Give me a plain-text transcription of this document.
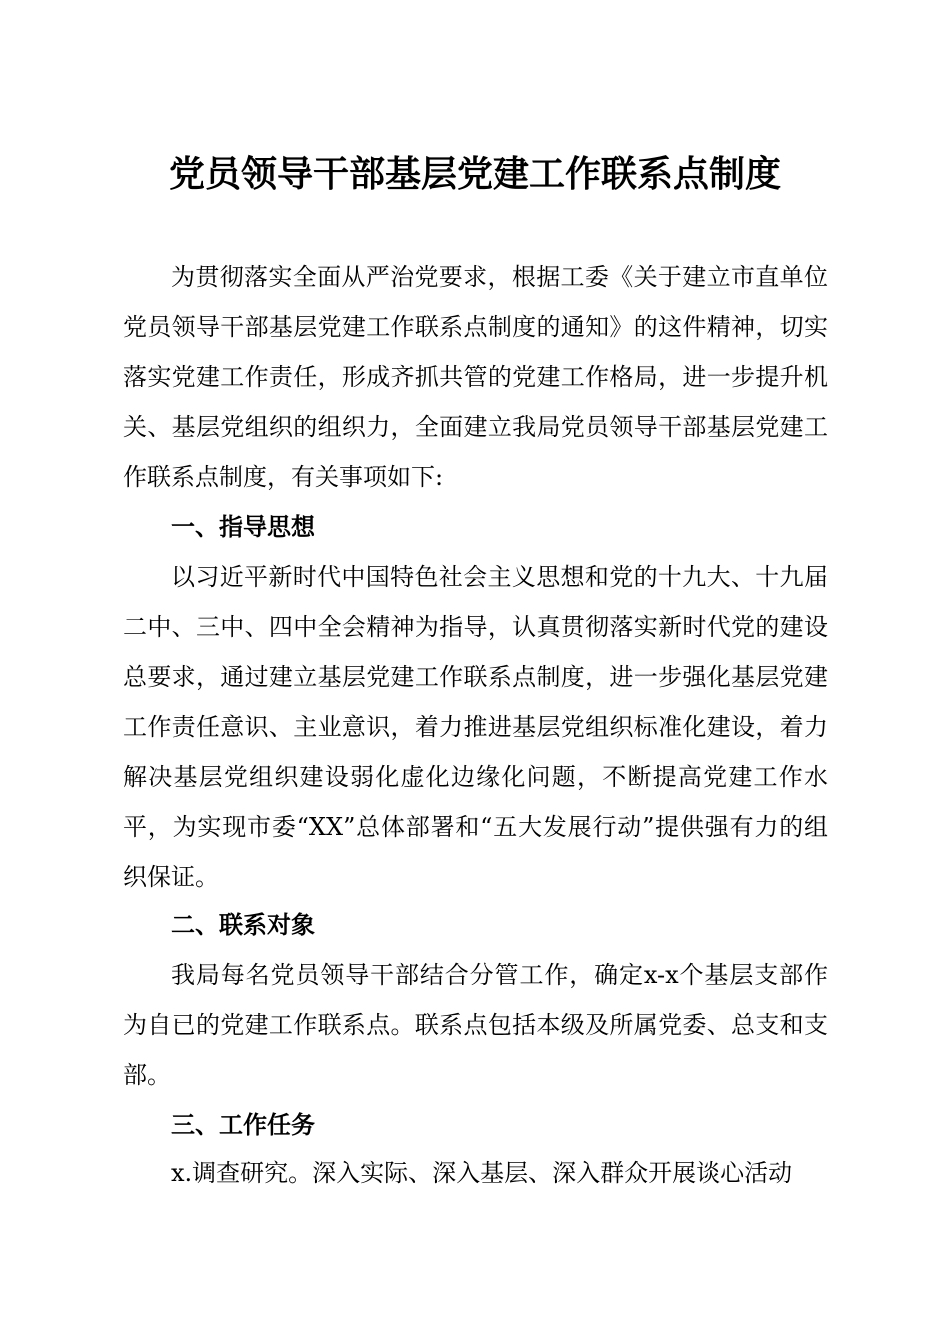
党员领导干部基层党建工作联系点制度

为贯彻落实全面从严治党要求，根据工委《关于建立市直单位党员领导干部基层党建工作联系点制度的通知》的这件精神，切实落实党建工作责任，形成齐抓共管的党建工作格局，进一步提升机关、基层党组织的组织力，全面建立我局党员领导干部基层党建工作联系点制度，有关事项如下:

一、指导思想

以习近平新时代中国特色社会主义思想和党的十九大、十九届二中、三中、四中全会精神为指导，认真贯彻落实新时代党的建设总要求，通过建立基层党建工作联系点制度，进一步强化基层党建工作责任意识、主业意识，着力推进基层党组织标准化建设，着力解决基层党组织建设弱化虚化边缘化问题，不断提高党建工作水平，为实现市委“XX”总体部署和“五大发展行动”提供强有力的组织保证。

二、联系对象

我局每名党员领导干部结合分管工作，确定x-x个基层支部作为自已的党建工作联系点。联系点包括本级及所属党委、总支和支部。

三、工作任务

x.调查研究。深入实际、深入基层、深入群众开展谈心活动
